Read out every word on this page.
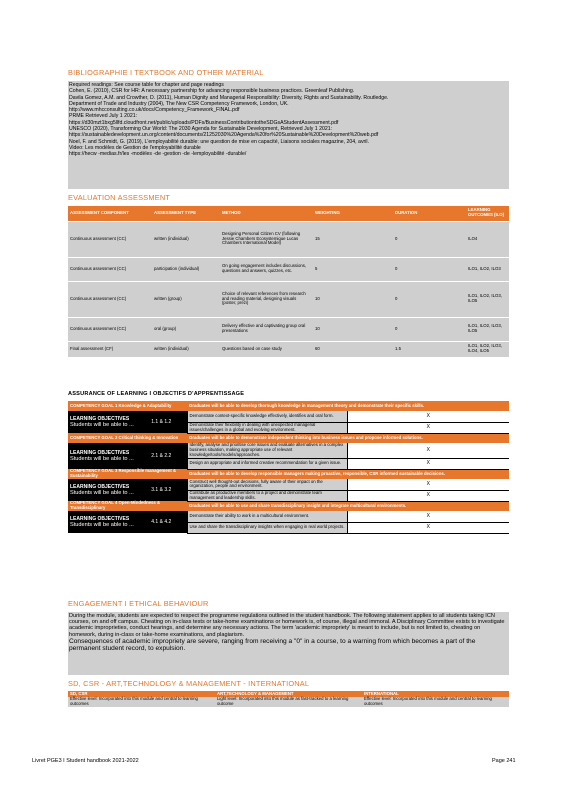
BIBLIOGRAPHIE I TEXTBOOK AND OTHER MATERIAL

Required readings: See course table for chapter and page readings

Cohen, E. (2010), CSR for HR: A necessary partnership for advancing responsible business practices. Greenleaf Publishing.

Davila Gomez, A.M. and Crowther, D. (2011), Human Dignity and Managerial Responsibility: Diversity, Rights and Sustainability. Routledge.

Department of Trade and Industry (2004), The New CSR Competency Framework, London, UK.

http://www.mhcconsulting.co.uk/docs/Competency_Framework_FINAL.pdf

PRME Retrieved July 1 2021:

https://d30mzt1bxg5llfd.cloudfront.net/public/uploads/PDFs/BusinessContributiontotheSDGsAStudentAssessment.pdf

UNESCO (2020), Transforming Our World: The 2030 Agenda for Sustainable Development, Retrieved July 1 2021:

https://sustainabledevelopment.un.org/content/documents/21252030%20Agenda%20for%20Sustainable%20Development%20web.pdf

Noel, F. and Schmidt, G. (2019), L'employabilité durable: une question de mise en capacité, Liaisons sociales magazine, 204, avril.

Video: Les modèles de Gestion de l'employabilité durable

https://hecw -medias.fr/les -modèles -de -gestion -de -lemployabilité -durable/

EVALUATION ASSESSMENT
ASSESSMENT COMPONENT	ASSESSMENT TYPE	METHOD	WEIGHTING	DURATION	LEARNING OUTCOMES (ILO)
Continuous assessment (CC)	written (individual)	Designing Personal Citizen CV (following Jessie Chambers Ecosystemique Lucas Chambers International Model)	15	0	ILO4
Continuous assessment (CC)	participation (individual)	On going engagement includes discussions, questions and answers, quizzes, etc.	5	0	ILO1, ILO2, ILO3
Continuous assessment (CC)	written (group)	Choice of relevant references from research and reading material, designing visuals (poster, prezi)	10	0	ILO1, ILO2, ILO3, ILO5
Continuous assessment (CC)	oral (group)	Delivery effective and captivating group oral presentations	10	0	ILO1, ILO2, ILO3, ILO5
Final assessment (CF)	written (individual)	Questions based on case study	60	1.5	ILO1, ILO2, ILO3, ILO4, ILO5
ASSURANCE OF LEARNING I OBJECTIFS D'APPRENTISSAGE
COMPETENCY GOAL 1 Knowledge & Adaptability		Graduates will be able to develop thorough knowledge in management theory and demonstrate their specific skills.	

LEARNING OBJECTIVES
Students will be able to ...	1.1 & 1.2	Demonstrate context-specific knowledge effectively, identifies and oral form.	X
		Demonstrate their flexibility in dealing with unexpected managerial issues/challenges in a global and evolving environment.	X
COMPETENCY GOAL 2 Critical thinking & Innovation		Graduates will be able to demonstrate independent thinking into business issues and propose informed solutions.	

LEARNING OBJECTIVES
Students will be able to ...	2.1 & 2.2	Identify, analyse and prioritise core issues and evaluate alternatives in a complex business situation, making appropriate use of relevant knowledge/tools/models/approaches.	X
		Design an appropriate and informed creative recommendation for a given issue.	X
COMPETENCY GOAL 3 Responsible management & Sustainability		Graduates will be able to develop responsible managers making proactive, responsible, CSR informed sustainable decisions.	

LEARNING OBJECTIVES
Students will be able to ...	3.1 & 3.2	Construct well thought-out decisions, fully aware of their impact on the organization, people and environment.	X
		Contribute as productive members to a project and demonstrate team management and leadership skills.	X
COMPETENCY GOAL 4 Open-Mindedness & Transdisciplinary		Graduates will be able to use and share transdisciplinary insight and integrate multicultural environments.	

LEARNING OBJECTIVES
Students will be able to ...	4.1 & 4.2	Demonstrate their ability to work in a multicultural environment.	X
		Use and share the transdisciplinary insights when engaging in real world projects.	X
ENGAGEMENT I ETHICAL BEHAVIOUR

During the module, students are expected to respect the programme regulations outlined in the student handbook. The following statement applies to all students taking ICN courses, on and off campus. Cheating on in-class tests or take-home examinations or homework is, of course, illegal and immoral. A Disciplinary Committee exists to investigate academic improprieties, conduct hearings, and determine any necessary actions. The term 'academic impropriety' is meant to include, but is not limited to, cheating on homework, during in-class or take-home examinations, and plagiarism.

Consequences of academic impropriety are severe, ranging from receiving a "0" in a course, to a warning from which becomes a part of the permanent student record, to expulsion.

SD, CSR - ART,TECHNOLOGY & MANAGEMENT - INTERNATIONAL
SD, CSR	ART,TECHNOLOGY & MANAGEMENT	INTERNATIONAL
Effective level: Incorporated into this module and central to learning outcomes	Light level: Incorporated into this module as fast-tracked to a learning outcome	Effective level: Incorporated into this module and central to learning outcomes
Livret PGE3 I Student handbook 2021-2022	Page 241
